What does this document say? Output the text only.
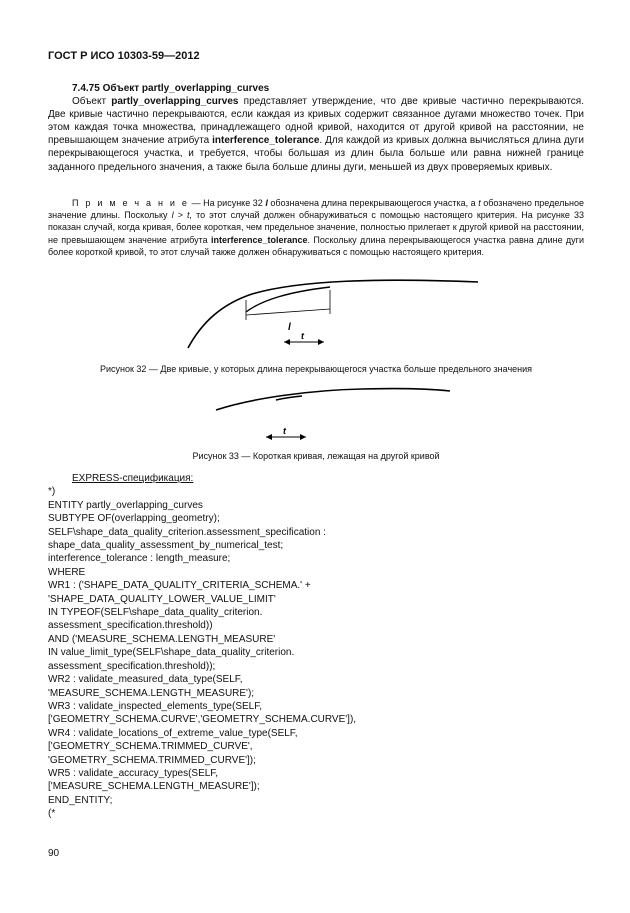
ГОСТ Р ИСО 10303-59—2012
7.4.75 Объект partly_overlapping_curves

Объект partly_overlapping_curves представляет утверждение, что две кривые частично перекрываются. Две кривые частично перекрываются, если каждая из кривых содержит связанное дугами множество точек. При этом каждая точка множества, принадлежащего одной кривой, находится от другой кривой на расстоянии, не превышающем значение атрибута interference_tolerance. Для каждой из кривых должна вычисляться длина дуги перекрывающегося участка, и требуется, чтобы большая из длин была больше или равна нижней границе заданного предельного значения, а также была больше длины дуги, меньшей из двух проверяемых кривых.

П р и м е ч а н и е — На рисунке 32 l обозначена длина перекрывающегося участка, а t обозначено предельное значение длины. Поскольку l > t, то этот случай должен обнаруживаться с помощью настоящего критерия. На рисунке 33 показан случай, когда кривая, более короткая, чем предельное значение, полностью прилегает к другой кривой на расстоянии, не превышающем значение атрибута interference_tolerance. Поскольку длина перекрывающегося участка равна длине дуги более короткой кривой, то этот случай также должен обнаруживаться с помощью настоящего критерия.

l
t
Рисунок 32 — Две кривые, у которых длина перекрывающегося участка больше предельного значения
t
Рисунок 33 — Короткая кривая, лежащая на другой кривой
EXPRESS-спецификация:
*)
ENTITY partly_overlapping_curves
SUBTYPE OF(overlapping_geometry);
SELF\shape_data_quality_criterion.assessment_specification :
shape_data_quality_assessment_by_numerical_test;
interference_tolerance : length_measure;
WHERE
WR1 : ('SHAPE_DATA_QUALITY_CRITERIA_SCHEMA.' +
'SHAPE_DATA_QUALITY_LOWER_VALUE_LIMIT'
IN TYPEOF(SELF\shape_data_quality_criterion.
assessment_specification.threshold))
AND ('MEASURE_SCHEMA.LENGTH_MEASURE'
IN value_limit_type(SELF\shape_data_quality_criterion.
assessment_specification.threshold));
WR2 : validate_measured_data_type(SELF,
'MEASURE_SCHEMA.LENGTH_MEASURE');
WR3 : validate_inspected_elements_type(SELF,
['GEOMETRY_SCHEMA.CURVE','GEOMETRY_SCHEMA.CURVE']),
WR4 : validate_locations_of_extreme_value_type(SELF,
['GEOMETRY_SCHEMA.TRIMMED_CURVE',
'GEOMETRY_SCHEMA.TRIMMED_CURVE']);
WR5 : validate_accuracy_types(SELF,
['MEASURE_SCHEMA.LENGTH_MEASURE']);
END_ENTITY;
(*
90
